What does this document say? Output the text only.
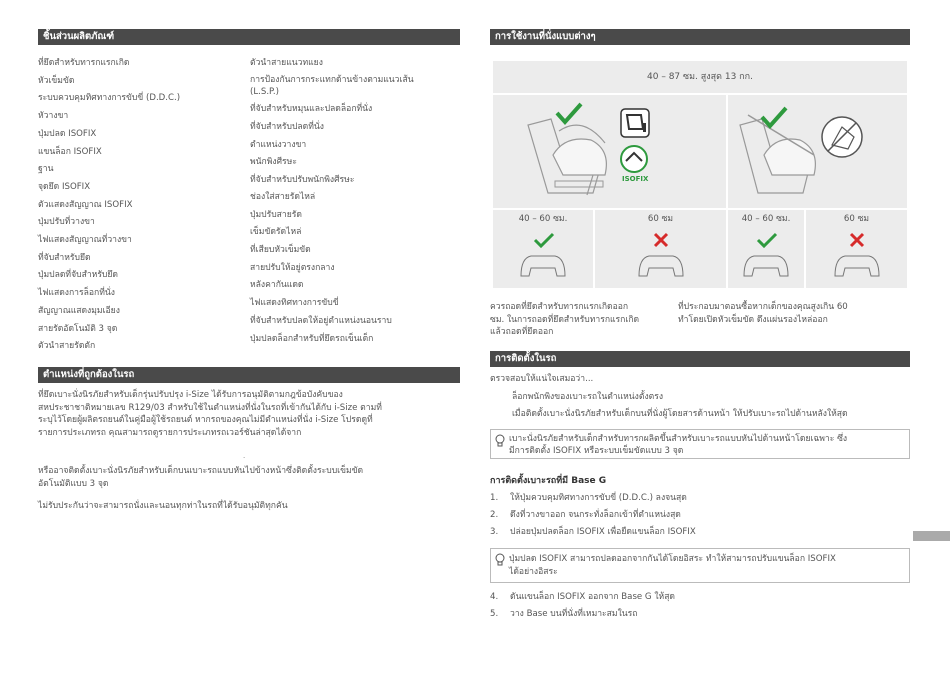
ชิ้นส่วนผลิตภัณฑ์
ที่ยึดสำหรับทารกแรกเกิด
หัวเข็มขัด
ระบบควบคุมทิศทางการขับขี่ (D.D.C.)
หัวางขา
ปุ่มปลด ISOFIX
แขนล็อก ISOFIX
ฐาน
จุดยึด ISOFIX
ตัวแสดงสัญญาณ ISOFIX
ปุ่มปรับที่วางขา
ไฟแสดงสัญญาณที่วางขา
ที่จับสำหรับยึด
ปุ่มปลดที่จับสำหรับยึด
ไฟแสดงการล็อกที่นั่ง
สัญญาณแสดงมุมเอียง
สายรัดอัดโนมัติ 3 จุด
ตัวนำสายรัดตัก
ตัวนำสายแนวทแยง
การป้องกันการกระแทกด้านข้างตามแนวเส้น
(L.S.P.)
ที่จับสำหรับหมุนและปลดล็อกที่นั่ง
ที่จับสำหรับปลดที่นั่ง
ตำแหน่งวางขา
พนักพิงศีรษะ
ที่จับสำหรับปรับพนักพิงศีรษะ
ช่องใส่สายรัดไหล่
ปุ่มปรับสายรัด
เข็มขัดรัดไหล่
ที่เสียบหัวเข็มขัด
สายปรับให้อยู่ตรงกลาง
หลังคากันแดด
ไฟแสดงทิศทางการขับขี่
ที่จับสำหรับปลดให้อยู่ตำแหน่งนอนราบ
ปุ่มปลดล็อกสำหรับที่ยึดรถเข็นเด็ก
ตำแหน่งที่ถูกต้องในรถ
ที่ยึดเบาะนั่งนิรภัยสำหรับเด็กรุ่นปรับปรุง i-Size ได้รับการอนุมัติตามกฎข้อบังคับของ
สหประชาชาติหมายเลข R129/03 สำหรับใช้ในตำแหน่งที่นั่งในรถที่เข้ากันได้กับ i-Size ตามที่
ระบุไว้โดยผู้ผลิตรถยนต์ในคู่มือผู้ใช้รถยนต์ หากรถของคุณไม่มีตำแหน่งที่นั่ง i-Size โปรดดูที่
รายการประเภทรถ คุณสามารถดูรายการประเภทรถเวอร์ชันล่าสุดได้จาก
.
หรืออาจติดตั้งเบาะนั่งนิรภัยสำหรับเด็กบนเบาะรถแบบหันไปข้างหน้าซึ่งติดตั้งระบบเข็มขัด
อัตโนมัติแบบ 3 จุด
ไม่รับประกันว่าจะสามารถนั่งและนอนทุกท่าในรถที่ได้รับอนุมัติทุกคัน
การใช้งานที่นั่งแบบต่างๆ
40 – 87 ซม. สูงสุด 13 กก.
ISOFIX
40 – 60 ซม.	60 ซม	40 – 60 ซม.	60 ซม
ควรถอดที่ยึดสำหรับทารกแรกเกิดออก
ซม. ในการถอดที่ยึดสำหรับทารกแรกเกิด
แล้วถอดที่ยึดออก
ที่ประกอบมาตอนซื้อหากเด็กของคุณสูงเกิน 60
ทำโดยเปิดหัวเข็มขัด ดึงแผ่นรองไหล่ออก
การติดตั้งในรถ
ตรวจสอบให้แน่ใจเสมอว่า...
ล็อกพนักพิงของเบาะรถในตำแหน่งตั้งตรง
เมื่อติดตั้งเบาะนั่งนิรภัยสำหรับเด็กบนที่นั่งผู้โดยสารด้านหน้า ให้ปรับเบาะรถไปด้านหลังให้สุด
เบาะนั่งนิรภัยสำหรับเด็กสำหรับทารกผลิตขึ้นสำหรับเบาะรถแบบหันไปด้านหน้าโดยเฉพาะ ซึ่ง
มีการติดตั้ง ISOFIX หรือระบบเข็มขัดแบบ 3 จุด
การติดตั้งเบาะรถที่มี Base G
1. ให้ปุ่มควบคุมทิศทางการขับขี่ (D.D.C.) ลงจนสุด
2. ดึงที่วางขาออก จนกระทั่งล็อกเข้าที่ตำแหน่งสุด
3. ปล่อยปุ่มปลดล็อก ISOFIX เพื่อยืดแขนล็อก ISOFIX
ปุ่มปลด ISOFIX สามารถปลดออกจากกันได้โดยอิสระ ทำให้สามารถปรับแขนล็อก ISOFIX
ได้อย่างอิสระ
4. ดันแขนล็อก ISOFIX ออกจาก Base G ให้สุด
5. วาง Base บนที่นั่งที่เหมาะสมในรถ
